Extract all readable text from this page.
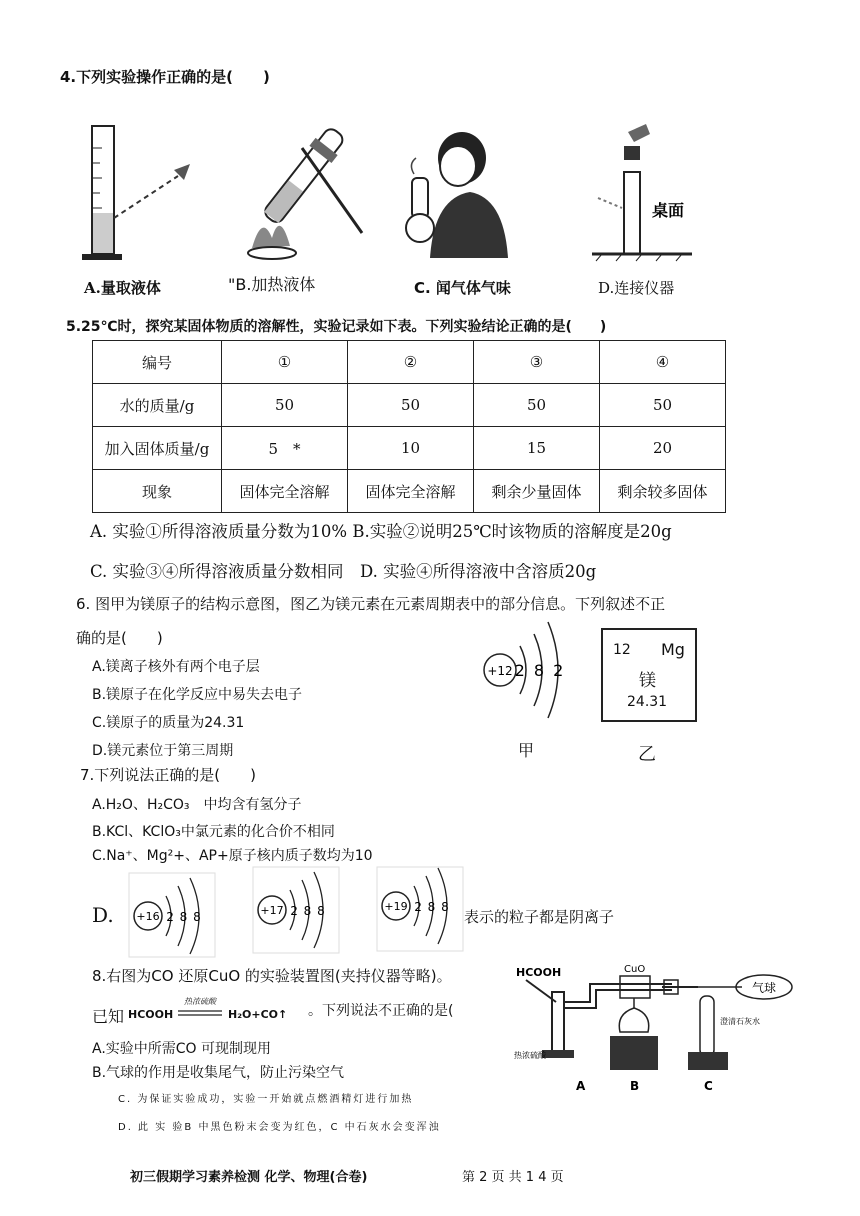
4.下列实验操作正确的是(　　)
桌面
A.量取液体	"B.加热液体	C. 闻气体气味	D.连接仪器
5.25℃时，探究某固体物质的溶解性，实验记录如下表。下列实验结论正确的是(　　)
编号	①	②	③	④
水的质量/g	50	50	50	50
加入固体质量/g	5　*	10	15	20
现象	固体完全溶解	固体完全溶解	剩余少量固体	剩余较多固体
A. 实验①所得溶液质量分数为10% B.实验②说明25℃时该物质的溶解度是20g
C. 实验③④所得溶液质量分数相同　D. 实验④所得溶液中含溶质20g
6. 图甲为镁原子的结构示意图，图乙为镁元素在元素周期表中的部分信息。下列叙述不正
确的是(　　)
A.镁离子核外有两个电子层
B.镁原子在化学反应中易失去电子
C.镁原子的质量为24.31
D.镁元素位于第三周期
+12 2 8 2
12 Mg
镁
24.31
甲	乙
7.下列说法正确的是(　　)
A.H₂O、H₂CO₃　中均含有氢分子
B.KCl、KClO₃中氯元素的化合价不相同
C.Na⁺、Mg²+、AP+原子核内质子数均为10
D. +16 2 8 8	+17 2 8 8	+19 2 8 8
表示的粒子都是阴离子
8.右图为CO 还原CuO 的实验装置图(夹持仪器等略)。
已知 HCOOH
热浓硫酸
H₂O+CO↑ 。下列说法不正确的是(
A.实验中所需CO 可现制现用
B.气球的作用是收集尾气，防止污染空气
C. 为保证实验成功，实验一开始就点燃酒精灯进行加热
D. 此 实 验B 中黑色粉末会变为红色，C 中石灰水会变浑浊
HCOOH	CuO
气球
澄清石灰水
热浓硫酸
A	B	C
初三假期学习素养检测 化学、物理(合卷)	第 2 页 共 1 4 页
